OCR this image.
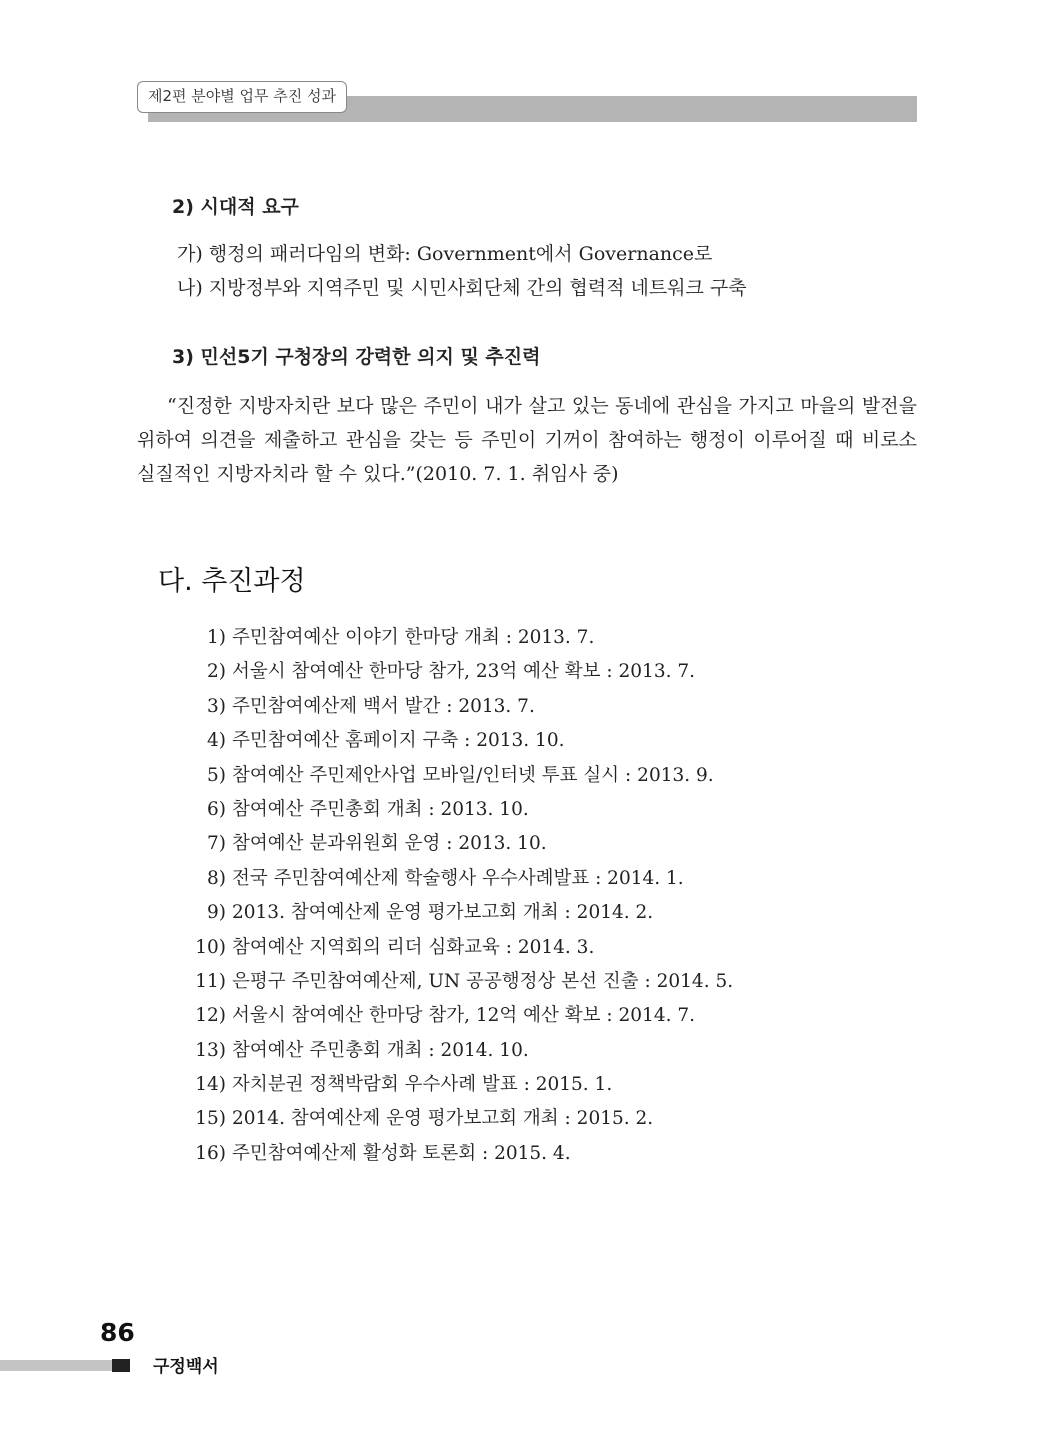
제2편 분야별 업무 추진 성과
2) 시대적 요구
가) 행정의 패러다임의 변화: Government에서 Governance로
나) 지방정부와 지역주민 및 시민사회단체 간의 협력적 네트워크 구축
3) 민선5기 구청장의 강력한 의지 및 추진력
“진정한 지방자치란 보다 많은 주민이 내가 살고 있는 동네에 관심을 가지고 마을의 발전을 위하여 의견을 제출하고 관심을 갖는 등 주민이 기꺼이 참여하는 행정이 이루어질 때 비로소 실질적인 지방자치라 할 수 있다.”(2010. 7. 1. 취임사 중)
다. 추진과정
1) 주민참여예산 이야기 한마당 개최 : 2013. 7.
2) 서울시 참여예산 한마당 참가, 23억 예산 확보 : 2013. 7.
3) 주민참여예산제 백서 발간 : 2013. 7.
4) 주민참여예산 홈페이지 구축 : 2013. 10.
5) 참여예산 주민제안사업 모바일/인터넷 투표 실시 : 2013. 9.
6) 참여예산 주민총회 개최 : 2013. 10.
7) 참여예산 분과위원회 운영 : 2013. 10.
8) 전국 주민참여예산제 학술행사 우수사례발표 : 2014. 1.
9) 2013. 참여예산제 운영 평가보고회 개최 : 2014. 2.
10) 참여예산 지역회의 리더 심화교육 : 2014. 3.
11) 은평구 주민참여예산제, UN 공공행정상 본선 진출 : 2014. 5.
12) 서울시 참여예산 한마당 참가, 12억 예산 확보 : 2014. 7.
13) 참여예산 주민총회 개최 : 2014. 10.
14) 자치분권 정책박람회 우수사례 발표 : 2015. 1.
15) 2014. 참여예산제 운영 평가보고회 개최 : 2015. 2.
16) 주민참여예산제 활성화 토론회 : 2015. 4.
86
구정백서
